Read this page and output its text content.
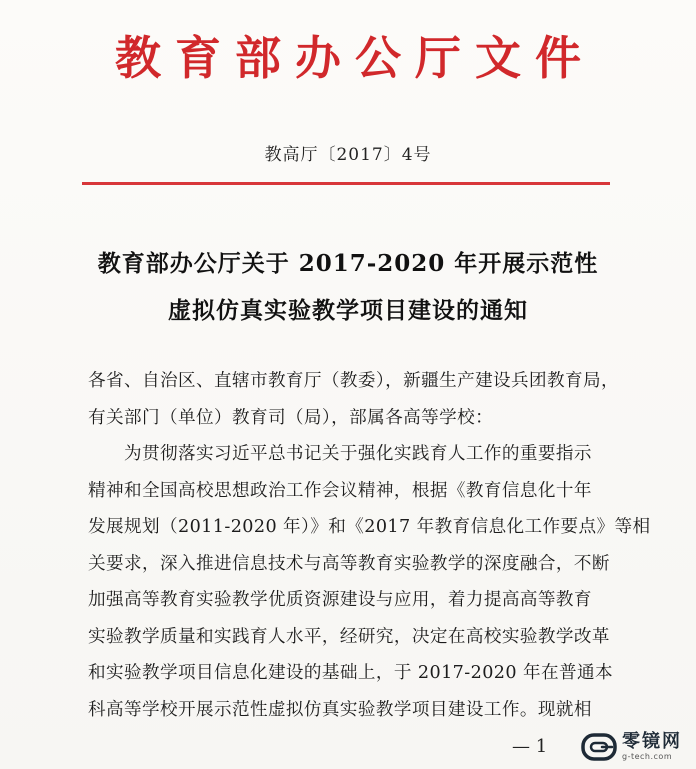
教育部办公厅文件
教高厅〔2017〕4号
教育部办公厅关于 2017-2020 年开展示范性
虚拟仿真实验教学项目建设的通知
各省、自治区、直辖市教育厅（教委），新疆生产建设兵团教育局，
有关部门（单位）教育司（局），部属各高等学校：
　　为贯彻落实习近平总书记关于强化实践育人工作的重要指示
精神和全国高校思想政治工作会议精神，根据《教育信息化十年
发展规划（2011-2020 年）》和《2017 年教育信息化工作要点》等相
关要求，深入推进信息技术与高等教育实验教学的深度融合，不断
加强高等教育实验教学优质资源建设与应用，着力提高高等教育
实验教学质量和实践育人水平，经研究，决定在高校实验教学改革
和实验教学项目信息化建设的基础上，于 2017-2020 年在普通本
科高等学校开展示范性虚拟仿真实验教学项目建设工作。现就相
— 1	零镜网
g-tech.com
